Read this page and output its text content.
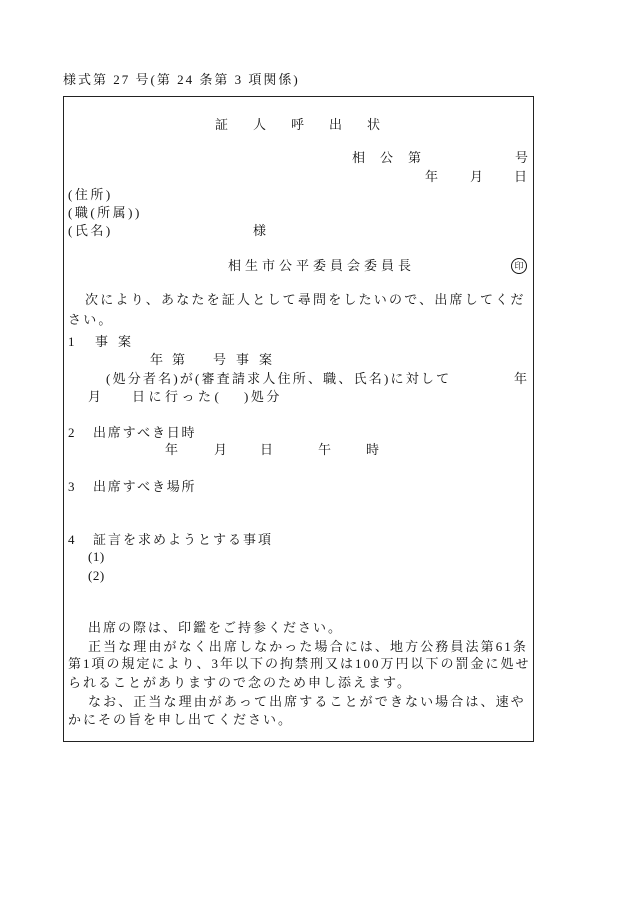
様式第 27 号(第 24 条第 3 項関係)
証人呼出状
相公第	号
年 月 日
(住所)
(職(所属))
(氏名)	様
相生市公平委員会委員長	印
次により、あなたを証人として尋問をしたいので、出席してくだ
さい。
1 事案
年第 号事案
(処分者名)が(審査請求人住所、職、氏名)に対して	年
月 日に行った( )処分
2 出席すべき日時
年	月 日	午	時
3 出席すべき場所
4 証言を求めようとする事項
(1)
(2)
出席の際は、印鑑をご持参ください。
正当な理由がなく出席しなかった場合には、地方公務員法第61条
第1項の規定により、3年以下の拘禁刑又は100万円以下の罰金に処せ
られることがありますので念のため申し添えます。
なお、正当な理由があって出席することができない場合は、速や
かにその旨を申し出てください。
